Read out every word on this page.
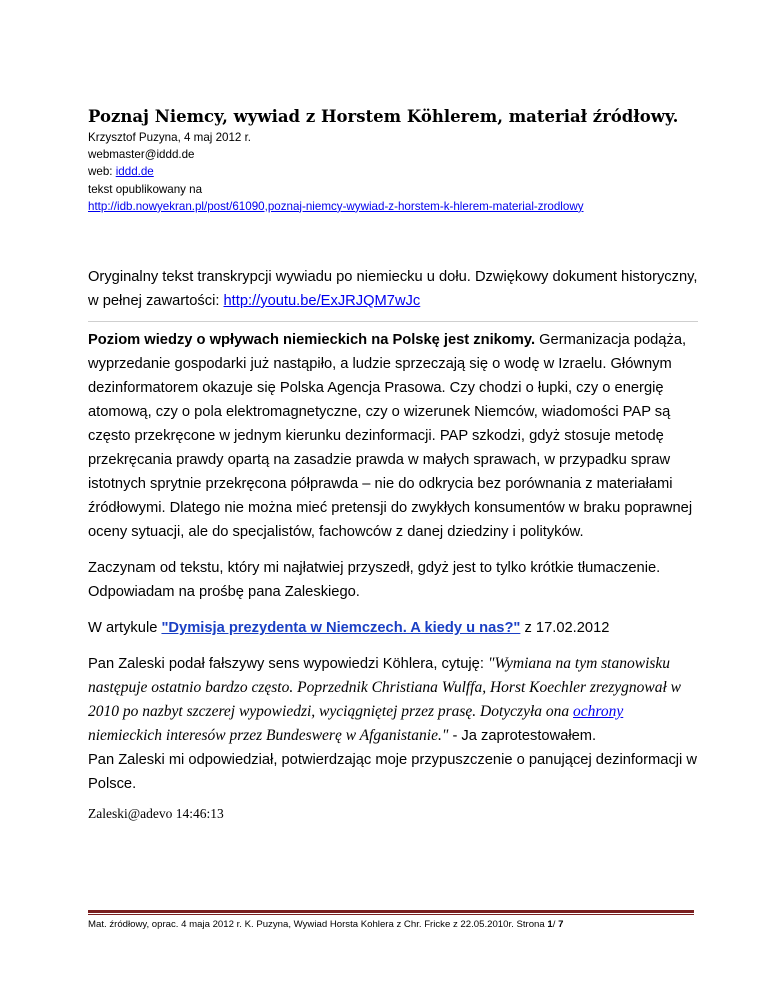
Poznaj Niemcy, wywiad z Horstem Köhlerem, materiał źródłowy.
Krzysztof Puzyna, 4 maj 2012 r.
webmaster@iddd.de
web: iddd.de
tekst opublikowany na
http://idb.nowyekran.pl/post/61090,poznaj-niemcy-wywiad-z-horstem-k-hlerem-material-zrodlowy

Oryginalny tekst transkrypcji wywiadu po niemiecku u dołu. Dzwiękowy dokument historyczny, w pełnej zawartości: http://youtu.be/ExJRJQM7wJc

Poziom wiedzy o wpływach niemieckich na Polskę jest znikomy. Germanizacja podąża, wyprzedanie gospodarki już nastąpiło, a ludzie sprzeczają się o wodę w Izraelu. Głównym dezinformatorem okazuje się Polska Agencja Prasowa. Czy chodzi o łupki, czy o energię atomową, czy o pola elektromagnetyczne, czy o wizerunek Niemców, wiadomości PAP są często przekręcone w jednym kierunku dezinformacji. PAP szkodzi, gdyż stosuje metodę przekręcania prawdy opartą na zasadzie prawda w małych sprawach, w przypadku spraw istotnych sprytnie przekręcona półprawda – nie do odkrycia bez porównania z materiałami źródłowymi. Dlatego nie można mieć pretensji do zwykłych konsumentów w braku poprawnej oceny sytuacji, ale do specjalistów, fachowców z danej dziedziny i polityków.

Zaczynam od tekstu, który mi najłatwiej przyszedł, gdyż jest to tylko krótkie tłumaczenie. Odpowiadam na prośbę pana Zaleskiego.

W artykule "Dymisja prezydenta w Niemczech. A kiedy u nas?" z 17.02.2012

Pan Zaleski podał fałszywy sens wypowiedzi Köhlera, cytuję: "Wymiana na tym stanowisku następuje ostatnio bardzo często. Poprzednik Christiana Wulffa, Horst Koechler zrezygnował w 2010 po nazbyt szczerej wypowiedzi, wyciągniętej przez prasę. Dotyczyła ona ochrony niemieckich interesów przez Bundeswerę w Afganistanie." - Ja zaprotestowałem.
Pan Zaleski mi odpowiedział, potwierdzając moje przypuszczenie o panującej dezinformacji w Polsce.

Zaleski@adevo 14:46:13
Mat. źródłowy, oprac. 4 maja 2012 r. K. Puzyna, Wywiad Horsta Kohlera z Chr. Fricke z 22.05.2010r. Strona 1/ 7
